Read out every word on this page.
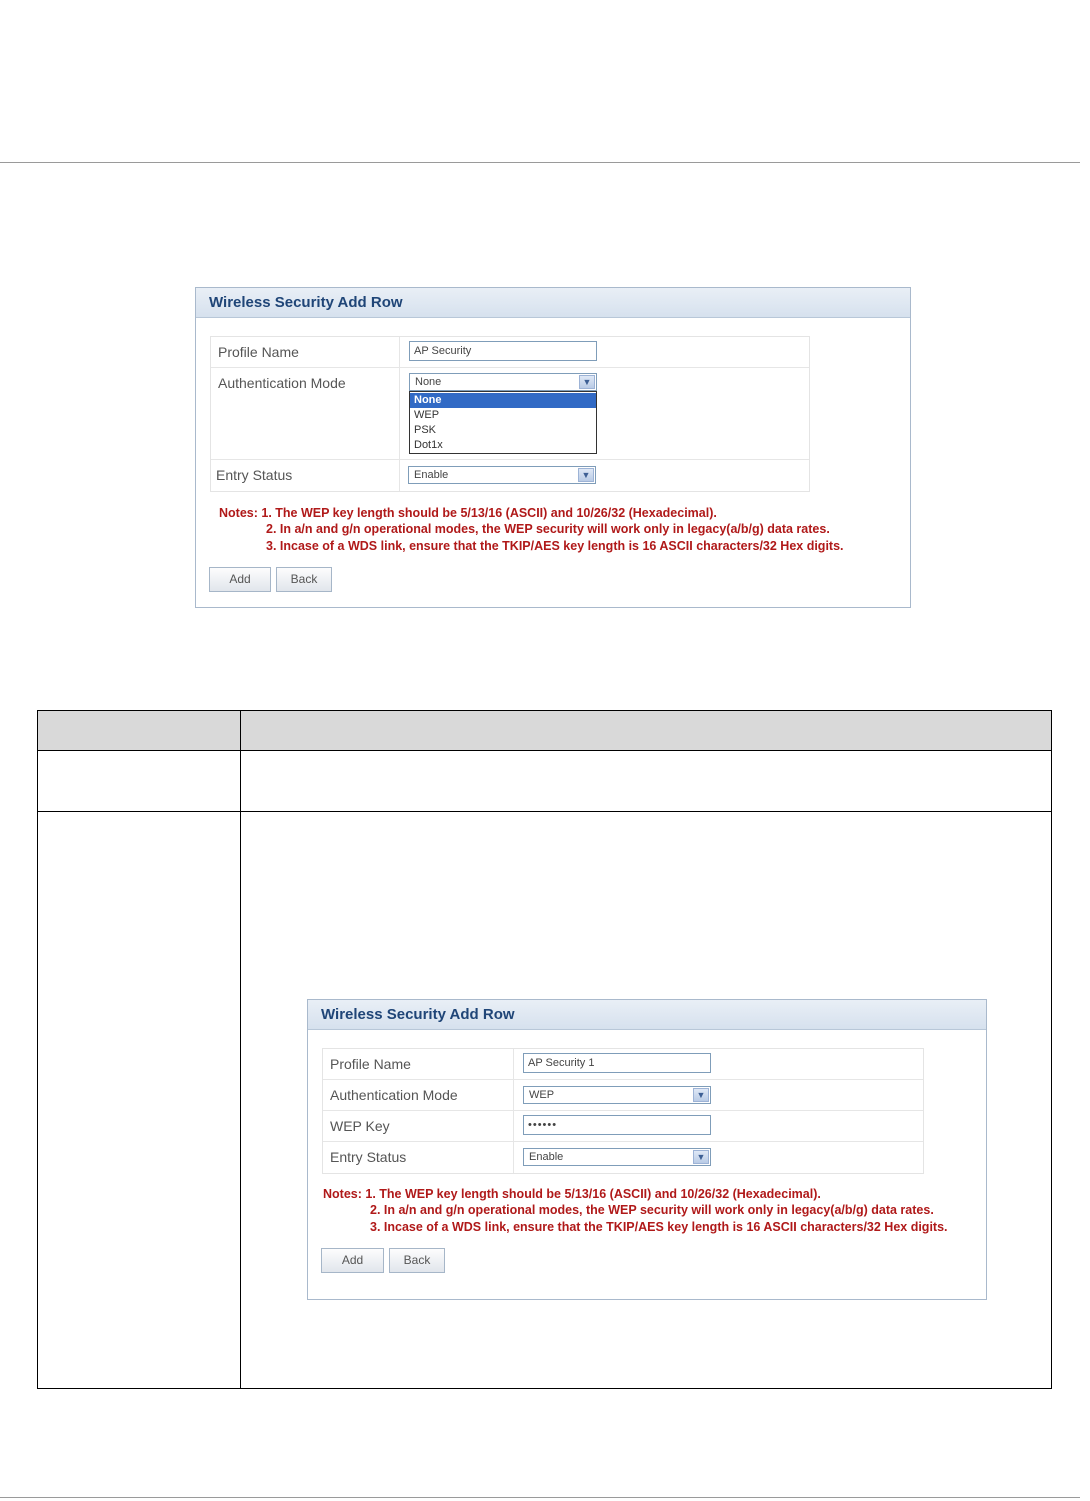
Wireless Security Add Row
Profile Name	AP Security
Authentication Mode	None	▼
None
WEP
PSK
Dot1x
Entry Status	Enable	▼
Notes: 1. The WEP key length should be 5/13/16 (ASCII) and 10/26/32 (Hexadecimal).
2. In a/n and g/n operational modes, the WEP security will work only in legacy(a/b/g) data rates.
3. Incase of a WDS link, ensure that the TKIP/AES key length is 16 ASCII characters/32 Hex digits.
Add	Back
Wireless Security Add Row
Profile Name	AP Security 1
Authentication Mode	WEP	▼
WEP Key	••••••
Entry Status	Enable	▼
Notes: 1. The WEP key length should be 5/13/16 (ASCII) and 10/26/32 (Hexadecimal).
2. In a/n and g/n operational modes, the WEP security will work only in legacy(a/b/g) data rates.
3. Incase of a WDS link, ensure that the TKIP/AES key length is 16 ASCII characters/32 Hex digits.
Add	Back
